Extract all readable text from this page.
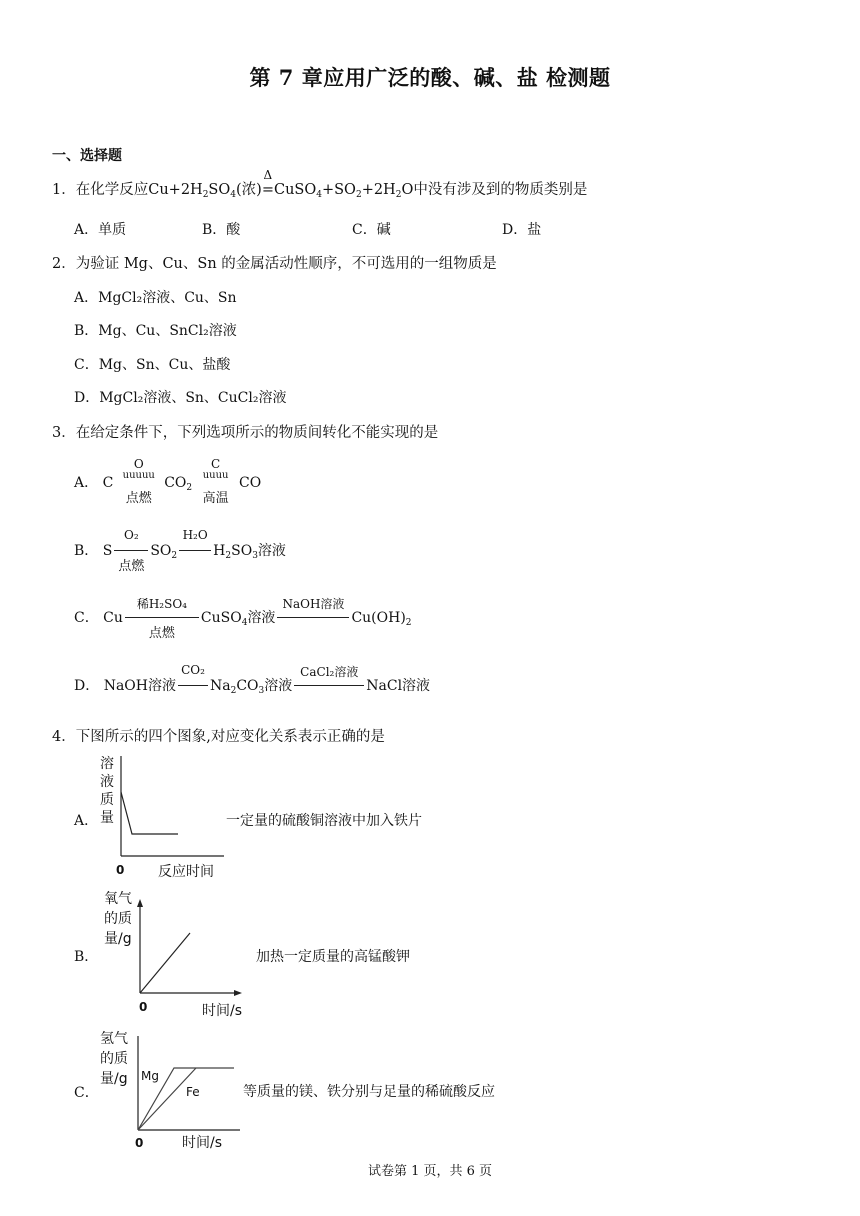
第 7 章应用广泛的酸、碱、盐 检测题
一、选择题
1．在化学反应$Cu+2H_2SO_4$(浓)
Δ
$=CuSO_4+SO_2+2H_2O$中没有涉及到的物质类别是
A．单质	B．酸	C．碱	D．盐
2．为验证 Mg、Cu、Sn 的金属活动性顺序，不可选用的一组物质是
A．MgCl₂溶液、Cu、Sn
B．Mg、Cu、SnCl₂溶液
C．Mg、Sn、Cu、盐酸
D．MgCl₂溶液、Sn、CuCl₂溶液
3．在给定条件下，下列选项所示的物质间转化不能实现的是
A． C
O
uuuuu
点燃
$CO_2$
C
uuuu
高温
CO
B． S
O₂
点燃
$SO_2$
H₂O
$H_2SO_3$溶液
C． Cu
稀H₂SO₄
点燃
CuSO$_4$溶液
NaOH溶液
$Cu(OH)_2$
D． NaOH溶液
CO₂
$Na_2CO_3$溶液
CaCl₂溶液
NaCl溶液
4．下图所示的四个图象,对应变化关系表示正确的是
A．
溶
液
质
量
0 反应时间
一定量的硫酸铜溶液中加入铁片
B．
氧气
的质
量/g
0	时间/s
加热一定质量的高锰酸钾
C．
氢气
的质
量/g	Mg
Fe
0	时间/s
等质量的镁、铁分别与足量的稀硫酸反应
试卷第 1 页，共 6 页
